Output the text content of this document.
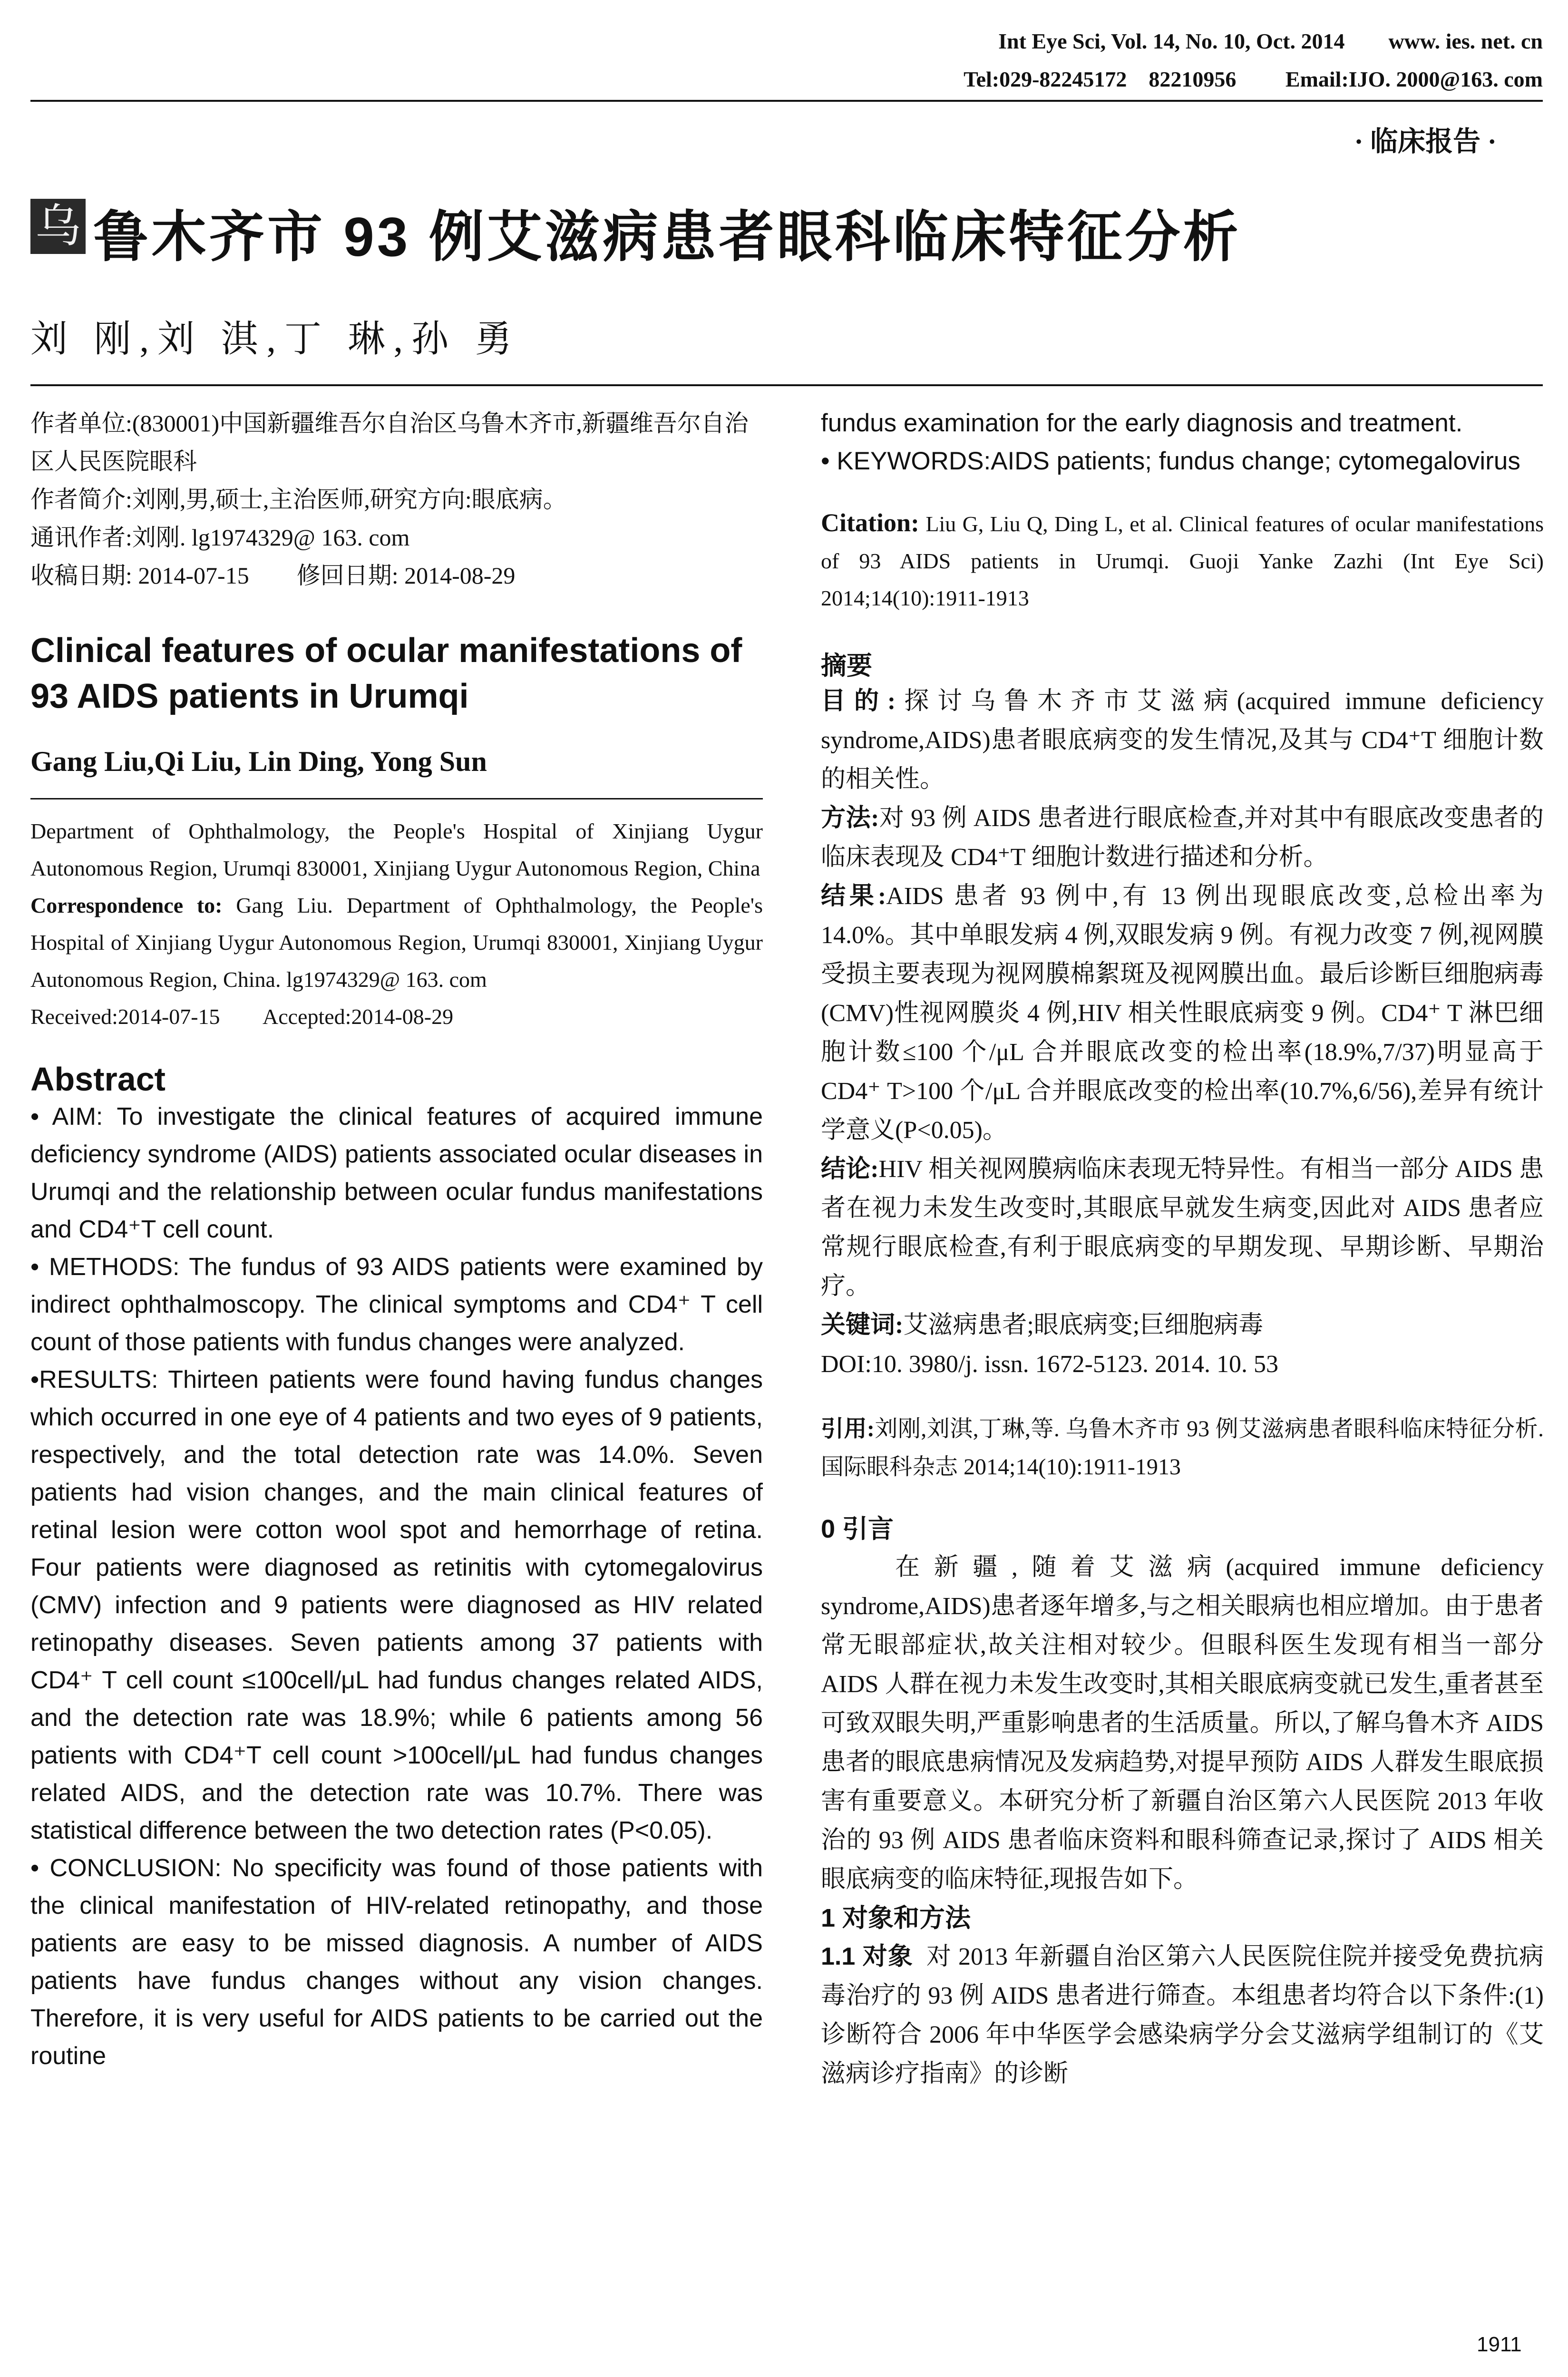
Int Eye Sci, Vol. 14, No. 10, Oct. 2014        www. ies. net. cn
Tel:029-82245172    82210956         Email:IJO. 2000@163. com
· 临床报告 ·
乌 鲁木齐市 93 例艾滋病患者眼科临床特征分析
刘 刚,刘 淇,丁 琳,孙 勇
作者单位:(830001)中国新疆维吾尔自治区乌鲁木齐市,新疆维吾尔自治区人民医院眼科
作者简介:刘刚,男,硕士,主治医师,研究方向:眼底病。
通讯作者:刘刚. lg1974329@ 163. com
收稿日期: 2014-07-15        修回日期: 2014-08-29
Clinical features of ocular manifestations of 93 AIDS patients in Urumqi
Gang Liu,Qi Liu, Lin Ding, Yong Sun
Department of Ophthalmology, the People's Hospital of Xinjiang Uygur Autonomous Region, Urumqi 830001, Xinjiang Uygur Autonomous Region, China
Correspondence to: Gang Liu. Department of Ophthalmology, the People's Hospital of Xinjiang Uygur Autonomous Region, Urumqi 830001, Xinjiang Uygur Autonomous Region, China. lg1974329@ 163. com
Received:2014-07-15        Accepted:2014-08-29
Abstract
• AIM: To investigate the clinical features of acquired immune deficiency syndrome (AIDS) patients associated ocular diseases in Urumqi and the relationship between ocular fundus manifestations and CD4⁺T cell count.
• METHODS: The fundus of 93 AIDS patients were examined by indirect ophthalmoscopy. The clinical symptoms and CD4⁺ T cell count of those patients with fundus changes were analyzed.
•RESULTS: Thirteen patients were found having fundus changes which occurred in one eye of 4 patients and two eyes of 9 patients, respectively, and the total detection rate was 14.0%. Seven patients had vision changes, and the main clinical features of retinal lesion were cotton wool spot and hemorrhage of retina. Four patients were diagnosed as retinitis with cytomegalovirus (CMV) infection and 9 patients were diagnosed as HIV related retinopathy diseases. Seven patients among 37 patients with CD4⁺ T cell count ≤100cell/μL had fundus changes related AIDS, and the detection rate was 18.9%; while 6 patients among 56 patients with CD4⁺T cell count >100cell/μL had fundus changes related AIDS, and the detection rate was 10.7%. There was statistical difference between the two detection rates (P<0.05).
• CONCLUSION: No specificity was found of those patients with the clinical manifestation of HIV-related retinopathy, and those patients are easy to be missed diagnosis. A number of AIDS patients have fundus changes without any vision changes. Therefore, it is very useful for AIDS patients to be carried out the routine
fundus examination for the early diagnosis and treatment.
• KEYWORDS:AIDS patients; fundus change; cytomegalovirus
Citation: Liu G, Liu Q, Ding L, et al. Clinical features of ocular manifestations of 93 AIDS patients in Urumqi. Guoji Yanke Zazhi (Int Eye Sci) 2014;14(10):1911-1913
摘要
目的:探讨乌鲁木齐市艾滋病(acquired immune deficiency syndrome,AIDS)患者眼底病变的发生情况,及其与 CD4⁺T 细胞计数的相关性。
方法:对 93 例 AIDS 患者进行眼底检查,并对其中有眼底改变患者的临床表现及 CD4⁺T 细胞计数进行描述和分析。
结果:AIDS 患者 93 例中,有 13 例出现眼底改变,总检出率为 14.0%。其中单眼发病 4 例,双眼发病 9 例。有视力改变 7 例,视网膜受损主要表现为视网膜棉絮斑及视网膜出血。最后诊断巨细胞病毒(CMV)性视网膜炎 4 例,HIV 相关性眼底病变 9 例。CD4⁺ T 淋巴细胞计数≤100 个/μL 合并眼底改变的检出率(18.9%,7/37)明显高于 CD4⁺ T>100 个/μL 合并眼底改变的检出率(10.7%,6/56),差异有统计学意义(P<0.05)。
结论:HIV 相关视网膜病临床表现无特异性。有相当一部分 AIDS 患者在视力未发生改变时,其眼底早就发生病变,因此对 AIDS 患者应常规行眼底检查,有利于眼底病变的早期发现、早期诊断、早期治疗。
关键词:艾滋病患者;眼底病变;巨细胞病毒
DOI:10. 3980/j. issn. 1672-5123. 2014. 10. 53
引用:刘刚,刘淇,丁琳,等. 乌鲁木齐市 93 例艾滋病患者眼科临床特征分析. 国际眼科杂志 2014;14(10):1911-1913
0 引言
在新疆,随着艾滋病(acquired immune deficiency syndrome,AIDS)患者逐年增多,与之相关眼病也相应增加。由于患者常无眼部症状,故关注相对较少。但眼科医生发现有相当一部分 AIDS 人群在视力未发生改变时,其相关眼底病变就已发生,重者甚至可致双眼失明,严重影响患者的生活质量。所以,了解乌鲁木齐 AIDS 患者的眼底患病情况及发病趋势,对提早预防 AIDS 人群发生眼底损害有重要意义。本研究分析了新疆自治区第六人民医院 2013 年收治的 93 例 AIDS 患者临床资料和眼科筛查记录,探讨了 AIDS 相关眼底病变的临床特征,现报告如下。
1 对象和方法
1.1 对象 对 2013 年新疆自治区第六人民医院住院并接受免费抗病毒治疗的 93 例 AIDS 患者进行筛查。本组患者均符合以下条件:(1)诊断符合 2006 年中华医学会感染病学分会艾滋病学组制订的《艾滋病诊疗指南》的诊断
1911
